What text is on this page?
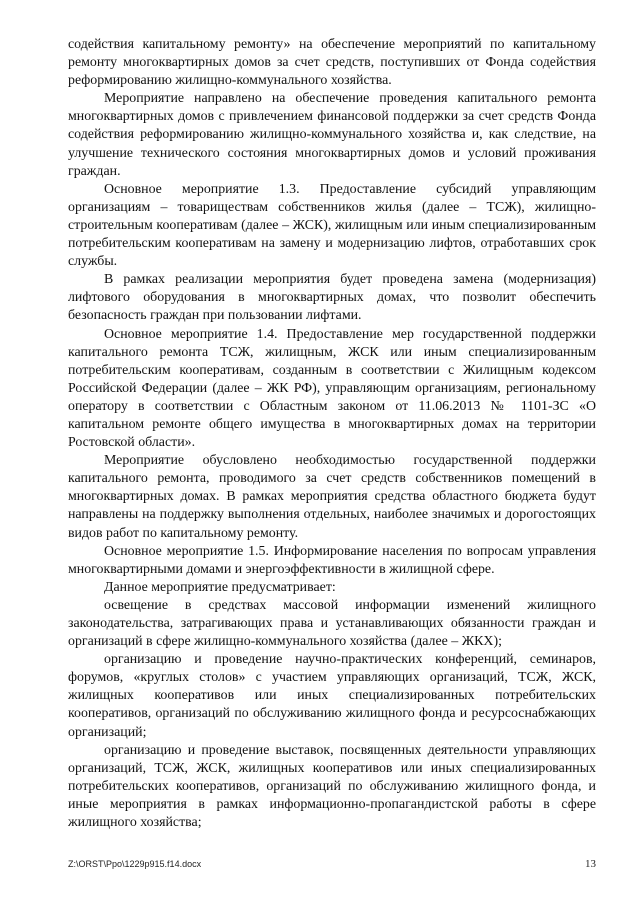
содействия капитальному ремонту» на обеспечение мероприятий по капитальному ремонту многоквартирных домов за счет средств, поступивших от Фонда содействия реформированию жилищно-коммунального хозяйства.

Мероприятие направлено на обеспечение проведения капитального ремонта многоквартирных домов с привлечением финансовой поддержки за счет средств Фонда содействия реформированию жилищно-коммунального хозяйства и, как следствие, на улучшение технического состояния многоквартирных домов и условий проживания граждан.

Основное мероприятие 1.3. Предоставление субсидий управляющим организациям – товариществам собственников жилья (далее – ТСЖ), жилищно-строительным кооперативам (далее – ЖСК), жилищным или иным специализированным потребительским кооперативам на замену и модернизацию лифтов, отработавших срок службы.

В рамках реализации мероприятия будет проведена замена (модернизация) лифтового оборудования в многоквартирных домах, что позволит обеспечить безопасность граждан при пользовании лифтами.

Основное мероприятие 1.4. Предоставление мер государственной поддержки капитального ремонта ТСЖ, жилищным, ЖСК или иным специализированным потребительским кооперативам, созданным в соответствии с Жилищным кодексом Российской Федерации (далее – ЖК РФ), управляющим организациям, региональному оператору в соответствии с Областным законом от 11.06.2013 № 1101-ЗС «О капитальном ремонте общего имущества в многоквартирных домах на территории Ростовской области».

Мероприятие обусловлено необходимостью государственной поддержки капитального ремонта, проводимого за счет средств собственников помещений в многоквартирных домах. В рамках мероприятия средства областного бюджета будут направлены на поддержку выполнения отдельных, наиболее значимых и дорогостоящих видов работ по капитальному ремонту.

Основное мероприятие 1.5. Информирование населения по вопросам управления многоквартирными домами и энергоэффективности в жилищной сфере.

Данное мероприятие предусматривает:

освещение в средствах массовой информации изменений жилищного законодательства, затрагивающих права и устанавливающих обязанности граждан и организаций в сфере жилищно-коммунального хозяйства (далее – ЖКХ);

организацию и проведение научно-практических конференций, семинаров, форумов, «круглых столов» с участием управляющих организаций, ТСЖ, ЖСК, жилищных кооперативов или иных специализированных потребительских кооперативов, организаций по обслуживанию жилищного фонда и ресурсоснабжающих организаций;

организацию и проведение выставок, посвященных деятельности управляющих организаций, ТСЖ, ЖСК, жилищных кооперативов или иных специализированных потребительских кооперативов, организаций по обслуживанию жилищного фонда, и иные мероприятия в рамках информационно-пропагандистской работы в сфере жилищного хозяйства;

Z:\ORST\Ppo\1229p915.f14.docx	13
